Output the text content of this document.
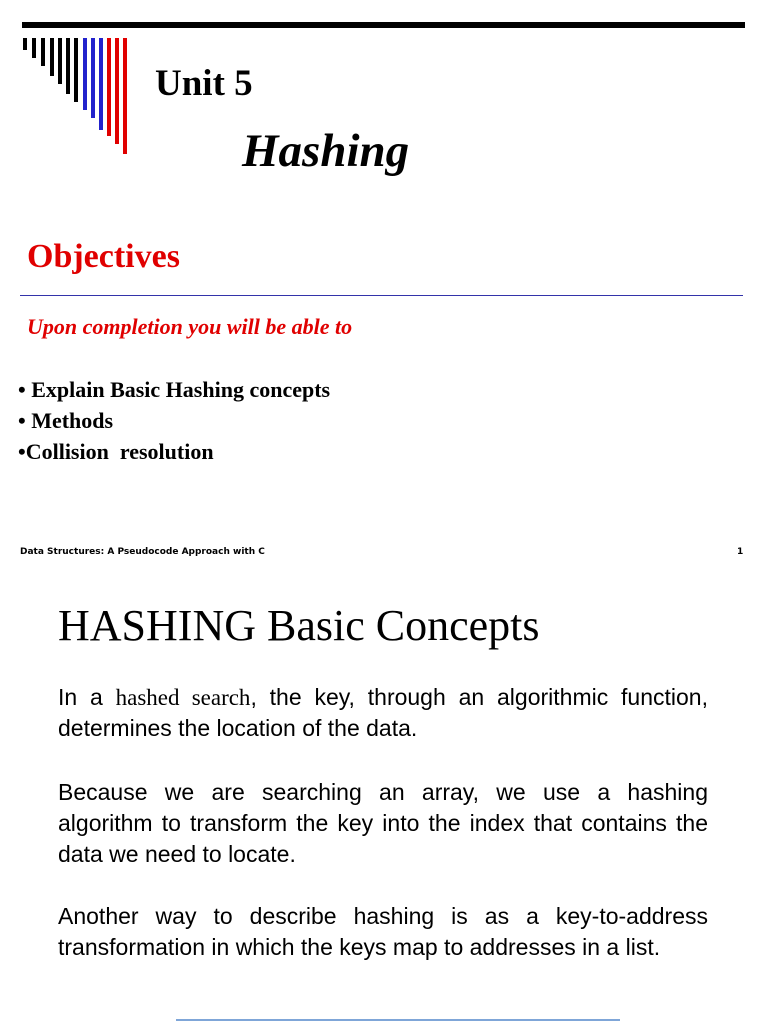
Unit 5
Hashing
Objectives
Upon completion you will be able to
• Explain Basic Hashing concepts
• Methods
•Collision  resolution
Data Structures: A Pseudocode Approach with C	1
HASHING Basic Concepts

In a hashed search, the key, through an algorithmic function, determines the location of the data.

Because we are searching an array, we use a hashing algorithm to transform the key into the index that contains the data we need to locate.

Another way to describe hashing is as a key-to-address transformation in which the keys map to addresses in a list.
